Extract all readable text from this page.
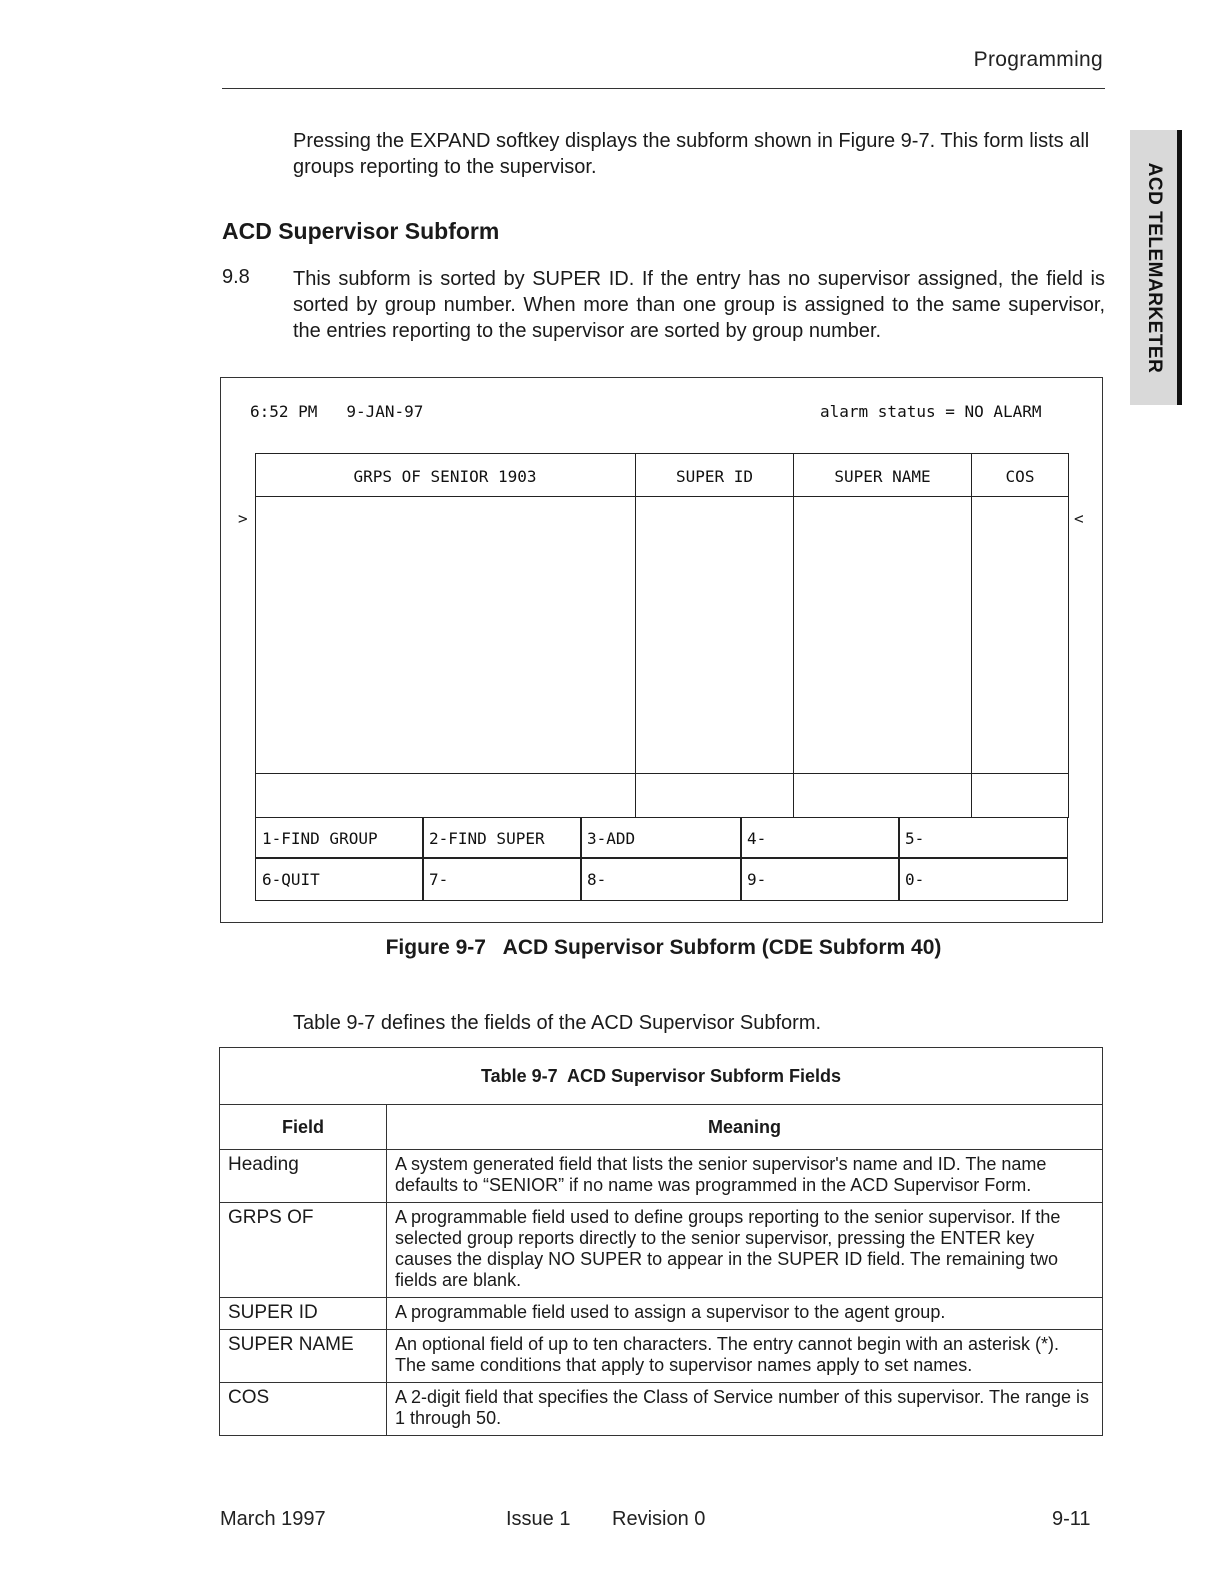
Programming
ACD TELEMARKETER
Pressing the EXPAND softkey displays the subform shown in Figure 9-7. This form lists all groups reporting to the supervisor.
ACD Supervisor Subform
9.8 This subform is sorted by SUPER ID. If the entry has no supervisor assigned, the field is sorted by group number. When more than one group is assigned to the same supervisor, the entries reporting to the supervisor are sorted by group number.
6:52 PM 9-JAN-97	alarm status = NO ALARM
GRPS OF SENIOR 1903	SUPER ID	SUPER NAME	COS
>	<
1-FIND GROUP	2-FIND SUPER	3-ADD	4-	5-
6-QUIT	7-	8-	9-	0-
Figure 9-7   ACD Supervisor Subform (CDE Subform 40)
Table 9-7 defines the fields of the ACD Supervisor Subform.
Table 9-7  ACD Supervisor Subform Fields	
Field	Meaning
Heading	A system generated field that lists the senior supervisor's name and ID. The name defaults to “SENIOR” if no name was programmed in the ACD Supervisor Form.
GRPS OF	A programmable field used to define groups reporting to the senior supervisor. If the selected group reports directly to the senior supervisor, pressing the ENTER key causes the display NO SUPER to appear in the SUPER ID field. The remaining two fields are blank.
SUPER ID	A programmable field used to assign a supervisor to the agent group.
SUPER NAME	An optional field of up to ten characters. The entry cannot begin with an asterisk (*). The same conditions that apply to supervisor names apply to set names.
COS	A 2-digit field that specifies the Class of Service number of this supervisor. The range is 1 through 50.
March 1997	Issue 1 Revision 0	9-11
